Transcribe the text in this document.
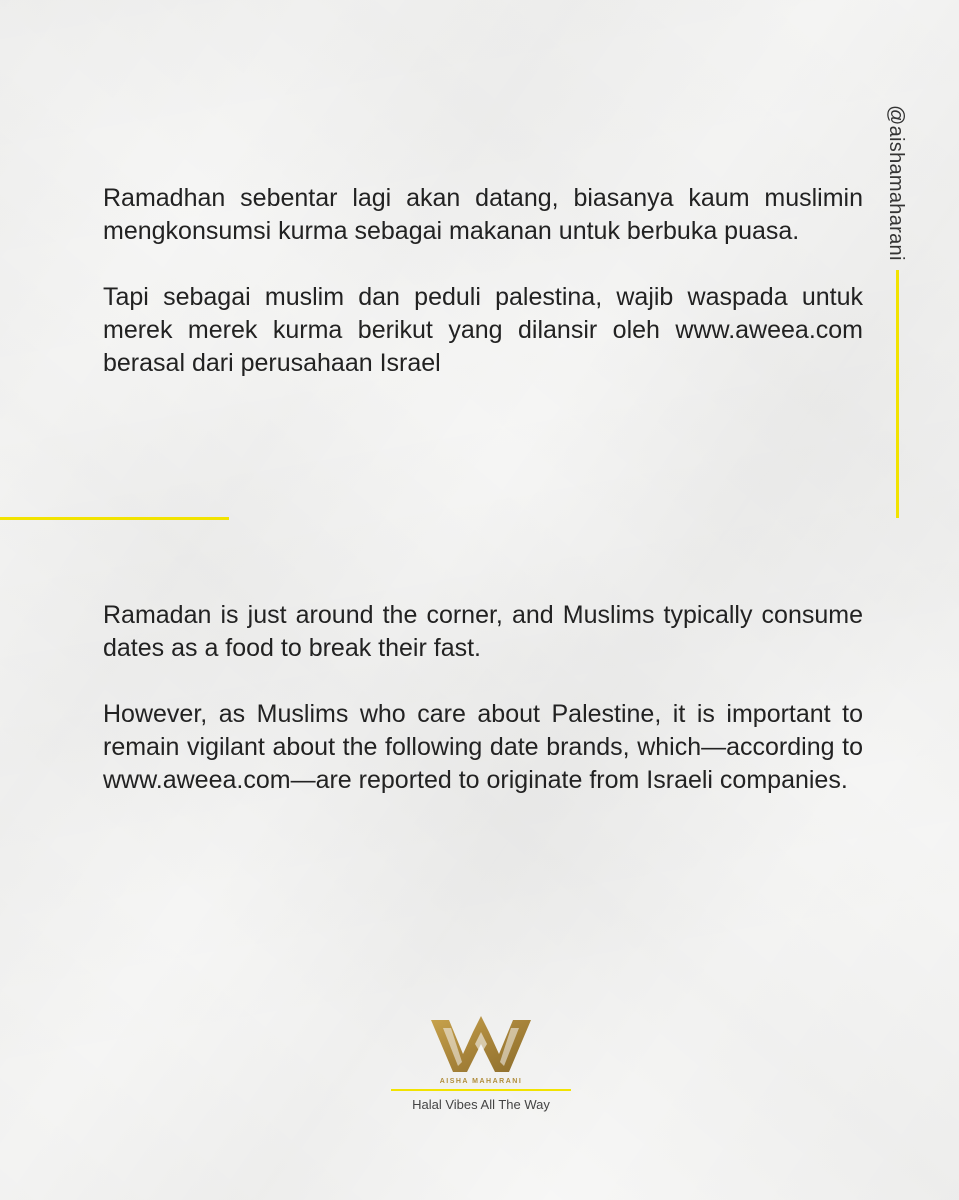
@aishamaharani

Ramadhan sebentar lagi akan datang, biasanya kaum muslimin mengkonsumsi kurma sebagai makanan untuk berbuka puasa.

Tapi sebagai muslim dan peduli palestina, wajib waspada untuk merek merek kurma berikut yang dilansir oleh www.aweea.com berasal dari perusahaan Israel

Ramadan is just around the corner, and Muslims typically consume dates as a food to break their fast.

However, as Muslims who care about Palestine, it is important to remain vigilant about the following date brands, which—according to www.aweea.com—are reported to originate from Israeli companies.

AISHA MAHARANI
Halal Vibes All The Way
